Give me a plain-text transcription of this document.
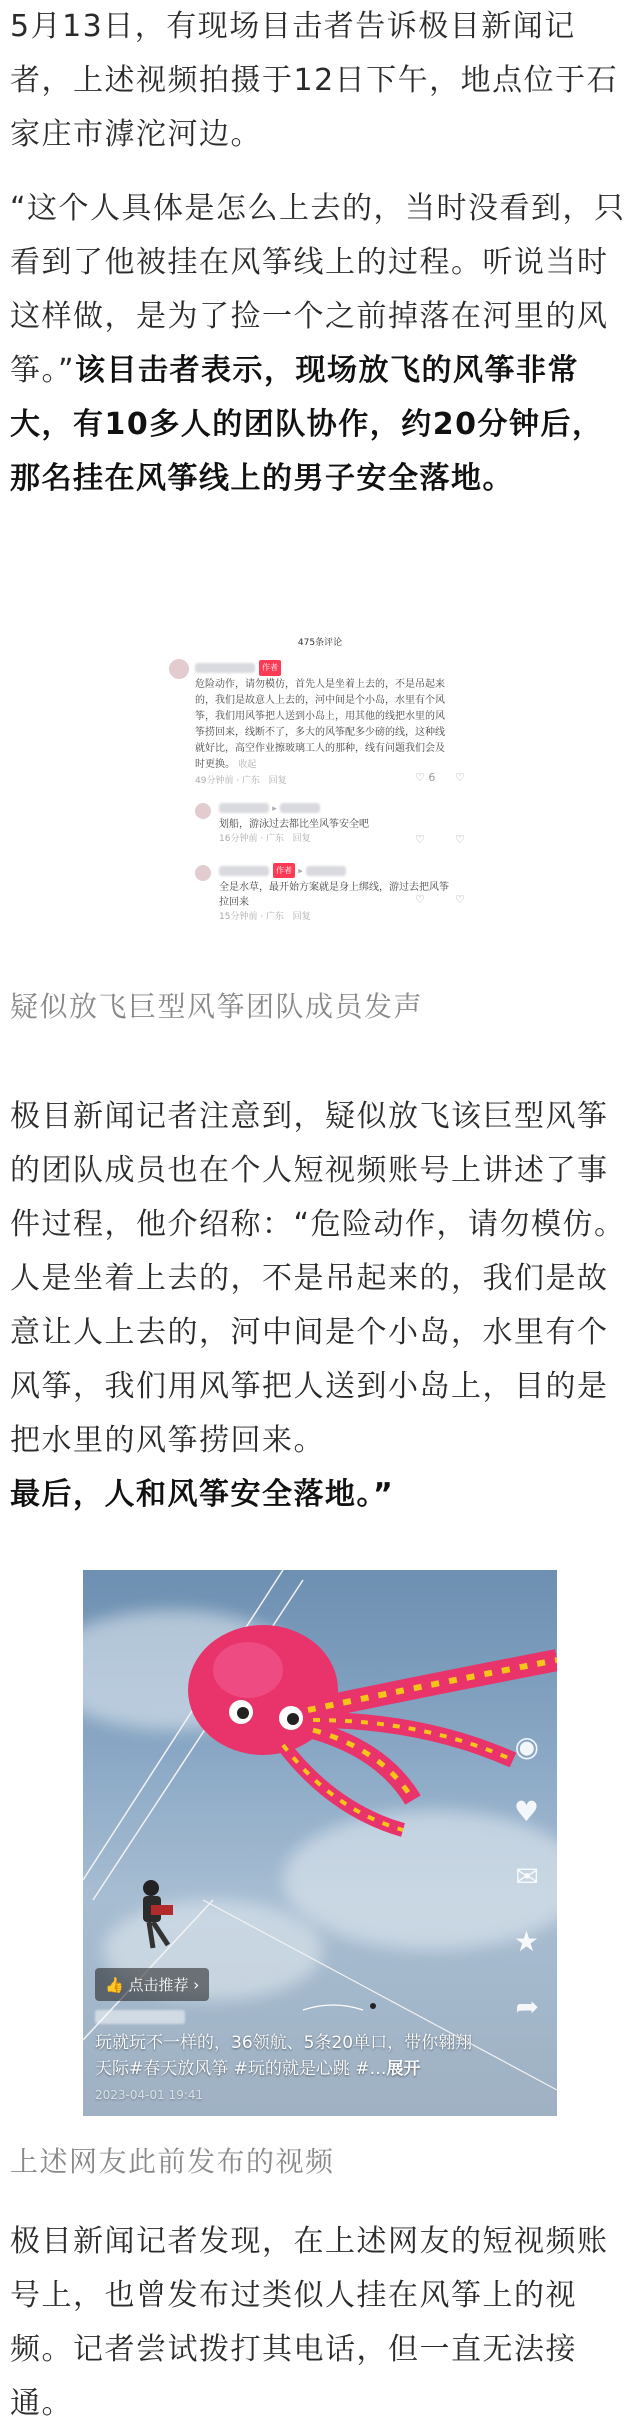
5月13日，有现场目击者告诉极目新闻记者，上述视频拍摄于12日下午，地点位于石家庄市滹沱河边。

“这个人具体是怎么上去的，当时没看到，只看到了他被挂在风筝线上的过程。听说当时这样做，是为了捡一个之前掉落在河里的风筝。”该目击者表示，现场放飞的风筝非常大，有10多人的团队协作，约20分钟后，那名挂在风筝线上的男子安全落地。

475条评论
作者
危险动作，请勿模仿，首先人是坐着上去的，不是吊起来的，我们是故意人上去的，河中间是个小岛，水里有个风筝，我们用风筝把人送到小岛上，用其他的线把水里的风筝捞回来，线断不了，多大的风筝配多少磅的线，这种线就好比，高空作业擦玻璃工人的那种，线有问题我们会及时更换。 收起
49分钟前 · 广东 回复	♡ 6 ♡
▸
划船，游泳过去都比坐风筝安全吧
16分钟前 · 广东 回复	♡	♡
作者 ▸
全是水草，最开始方案就是身上绑线，游过去把风筝拉回来
15分钟前 · 广东 回复
♡	♡

疑似放飞巨型风筝团队成员发声

极目新闻记者注意到，疑似放飞该巨型风筝的团队成员也在个人短视频账号上讲述了事件过程，他介绍称：“危险动作，请勿模仿。人是坐着上去的，不是吊起来的，我们是故意让人上去的，河中间是个小岛，水里有个风筝，我们用风筝把人送到小岛上，目的是把水里的风筝捞回来。
最后，人和风筝安全落地。”

◉
♥
✉
★
➦
👍 点击推荐 ›
玩就玩不一样的，36领航、5条20单口，带你翱翔天际#春天放风筝 #玩的就是心跳 #…展开
2023-04-01 19:41

上述网友此前发布的视频

极目新闻记者发现，在上述网友的短视频账号上，也曾发布过类似人挂在风筝上的视频。记者尝试拨打其电话，但一直无法接通。
